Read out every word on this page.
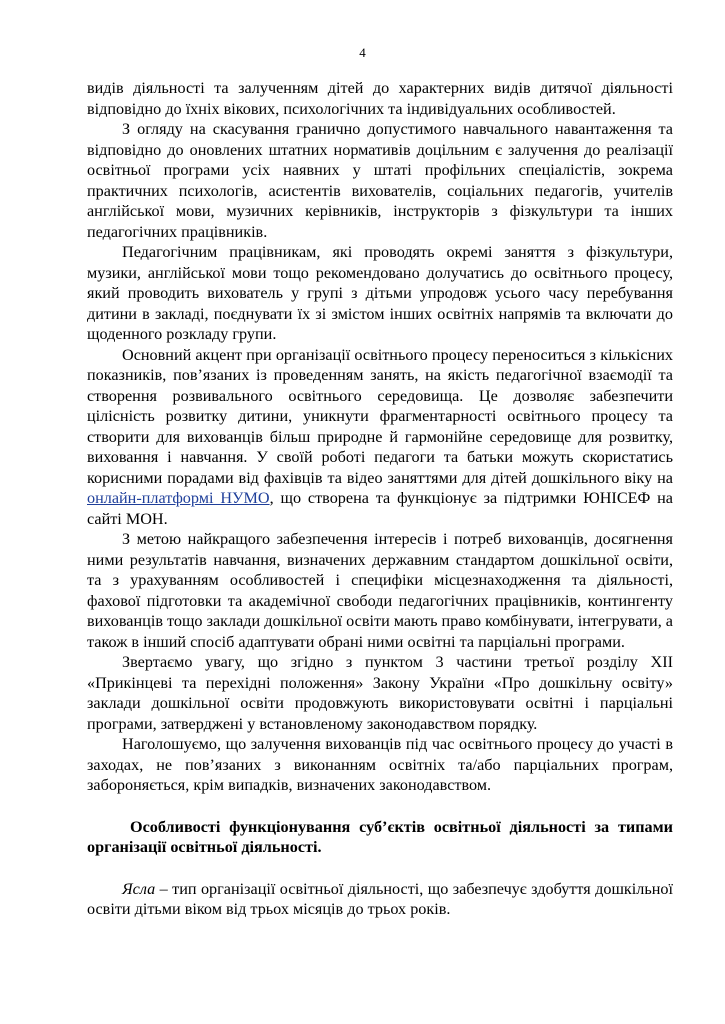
4

видів діяльності та залученням дітей до характерних видів дитячої діяльності відповідно до їхніх вікових, психологічних та індивідуальних особливостей.

З огляду на скасування гранично допустимого навчального навантаження та відповідно до оновлених штатних нормативів доцільним є залучення до реалізації освітньої програми усіх наявних у штаті профільних спеціалістів, зокрема практичних психологів, асистентів вихователів, соціальних педагогів, учителів англійської мови, музичних керівників, інструкторів з фізкультури та інших педагогічних працівників.

Педагогічним працівникам, які проводять окремі заняття з фізкультури, музики, англійської мови тощо рекомендовано долучатись до освітнього процесу, який проводить вихователь у групі з дітьми упродовж усього часу перебування дитини в закладі, поєднувати їх зі змістом інших освітніх напрямів та включати до щоденного розкладу групи.

Основний акцент при організації освітнього процесу переноситься з кількісних показників, пов’язаних із проведенням занять, на якість педагогічної взаємодії та створення розвивального освітнього середовища. Це дозволяє забезпечити цілісність розвитку дитини, уникнути фрагментарності освітнього процесу та створити для вихованців більш природне й гармонійне середовище для розвитку, виховання і навчання. У своїй роботі педагоги та батьки можуть скористатись корисними порадами від фахівців та відео заняттями для дітей дошкільного віку на онлайн-платформі НУМО, що створена та функціонує за підтримки ЮНІСЕФ на сайті МОН.

З метою найкращого забезпечення інтересів і потреб вихованців, досягнення ними результатів навчання, визначених державним стандартом дошкільної освіти, та з урахуванням особливостей і специфіки місцезнаходження та діяльності, фахової підготовки та академічної свободи педагогічних працівників, контингенту вихованців тощо заклади дошкільної освіти мають право комбінувати, інтегрувати, а також в інший спосіб адаптувати обрані ними освітні та парціальні програми.

Звертаємо увагу, що згідно з пунктом 3 частини третьої розділу XII «Прикінцеві та перехідні положення» Закону України «Про дошкільну освіту» заклади дошкільної освіти продовжують використовувати освітні і парціальні програми, затверджені у встановленому законодавством порядку.

Наголошуємо, що залучення вихованців під час освітнього процесу до участі в заходах, не пов’язаних з виконанням освітніх та/або парціальних програм, забороняється, крім випадків, визначених законодавством.

Особливості функціонування суб’єктів освітньої діяльності за типами організації освітньої діяльності.

Ясла – тип організації освітньої діяльності, що забезпечує здобуття дошкільної освіти дітьми віком від трьох місяців до трьох років.
